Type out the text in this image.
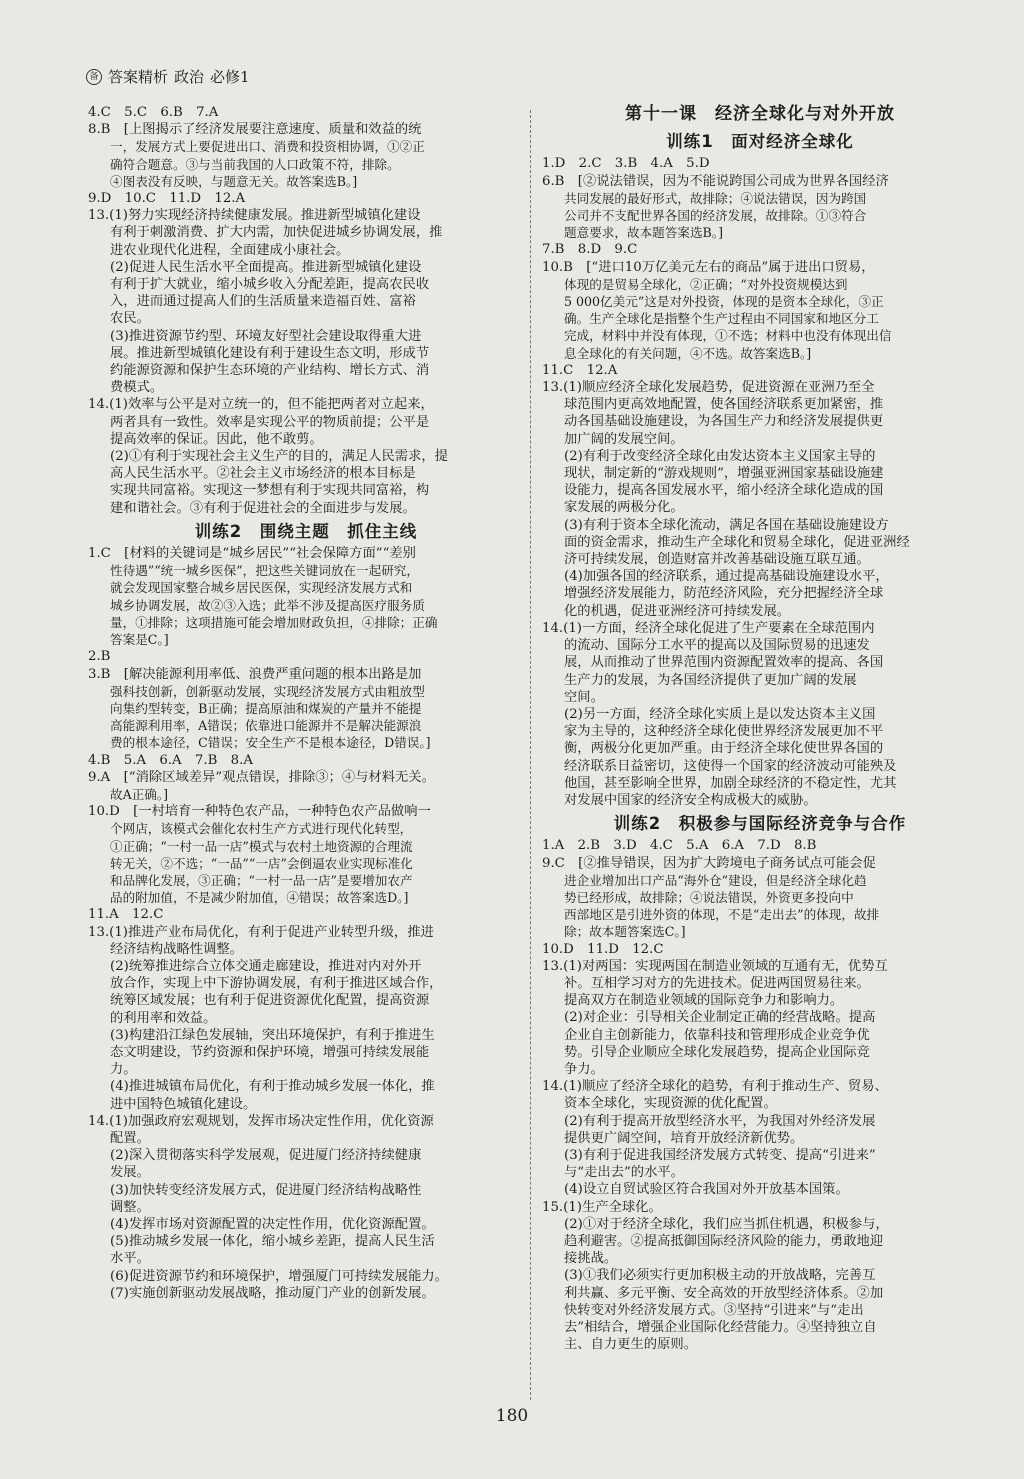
备 答案精析 政治 必修1

4.C　5.C　6.B　7.A

8.B　[上图揭示了经济发展要注意速度、质量和效益的统

一，发展方式上要促进出口、消费和投资相协调，①②正

确符合题意。③与当前我国的人口政策不符，排除。

④图表没有反映，与题意无关。故答案选B。]

9.D　10.C　11.D　12.A

13.(1)努力实现经济持续健康发展。推进新型城镇化建设

有利于刺激消费、扩大内需，加快促进城乡协调发展，推

进农业现代化进程，全面建成小康社会。

(2)促进人民生活水平全面提高。推进新型城镇化建设

有利于扩大就业，缩小城乡收入分配差距，提高农民收

入，进而通过提高人们的生活质量来造福百姓、富裕

农民。

(3)推进资源节约型、环境友好型社会建设取得重大进

展。推进新型城镇化建设有利于建设生态文明，形成节

约能源资源和保护生态环境的产业结构、增长方式、消

费模式。

14.(1)效率与公平是对立统一的，但不能把两者对立起来，

两者具有一致性。效率是实现公平的物质前提；公平是

提高效率的保证。因此，他不敢剪。

(2)①有利于实现社会主义生产的目的，满足人民需求，提

高人民生活水平。②社会主义市场经济的根本目标是

实现共同富裕。实现这一梦想有利于实现共同富裕，构

建和谐社会。③有利于促进社会的全面进步与发展。

训练2　围绕主题　抓住主线

1.C　[材料的关键词是“城乡居民”“社会保障方面”“差别

性待遇”“统一城乡医保”，把这些关键词放在一起研究，

就会发现国家整合城乡居民医保，实现经济发展方式和

城乡协调发展，故②③入选；此举不涉及提高医疗服务质

量，①排除；这项措施可能会增加财政负担，④排除；正确

答案是C。]

2.B

3.B　[解决能源利用率低、浪费严重问题的根本出路是加

强科技创新，创新驱动发展，实现经济发展方式由粗放型

向集约型转变，B正确；提高原油和煤炭的产量并不能提

高能源利用率，A错误；依靠进口能源并不是解决能源浪

费的根本途径，C错误；安全生产不是根本途径，D错误。]

4.B　5.A　6.A　7.B　8.A

9.A　[“消除区域差异”观点错误，排除③；④与材料无关。

故A正确。]

10.D　[一村培育一种特色农产品，一种特色农产品做响一

个网店，该模式会催化农村生产方式进行现代化转型，

①正确；“一村一品一店”模式与农村土地资源的合理流

转无关，②不选；“一品”“一店”会倒逼农业实现标准化

和品牌化发展，③正确；“一村一品一店”是要增加农产

品的附加值，不是减少附加值，④错误；故答案选D。]

11.A　12.C

13.(1)推进产业布局优化，有利于促进产业转型升级，推进

经济结构战略性调整。

(2)统筹推进综合立体交通走廊建设，推进对内对外开

放合作，实现上中下游协调发展，有利于推进区域合作，

统筹区域发展；也有利于促进资源优化配置，提高资源

的利用率和效益。

(3)构建沿江绿色发展轴，突出环境保护，有利于推进生

态文明建设，节约资源和保护环境，增强可持续发展能

力。

(4)推进城镇布局优化，有利于推动城乡发展一体化，推

进中国特色城镇化建设。

14.(1)加强政府宏观规划，发挥市场决定性作用，优化资源

配置。

(2)深入贯彻落实科学发展观，促进厦门经济持续健康

发展。

(3)加快转变经济发展方式，促进厦门经济结构战略性

调整。

(4)发挥市场对资源配置的决定性作用，优化资源配置。

(5)推动城乡发展一体化，缩小城乡差距，提高人民生活

水平。

(6)促进资源节约和环境保护，增强厦门可持续发展能力。

(7)实施创新驱动发展战略，推动厦门产业的创新发展。

第十一课　经济全球化与对外开放
训练1　面对经济全球化

1.D　2.C　3.B　4.A　5.D

6.B　[②说法错误，因为不能说跨国公司成为世界各国经济

共同发展的最好形式，故排除；④说法错误，因为跨国

公司并不支配世界各国的经济发展，故排除。①③符合

题意要求，故本题答案选B。]

7.B　8.D　9.C

10.B　[“进口10万亿美元左右的商品”属于进出口贸易，

体现的是贸易全球化，②正确；“对外投资规模达到

5 000亿美元”这是对外投资，体现的是资本全球化，③正

确。生产全球化是指整个生产过程由不同国家和地区分工

完成，材料中并没有体现，①不选；材料中也没有体现出信

息全球化的有关问题，④不选。故答案选B。]

11.C　12.A

13.(1)顺应经济全球化发展趋势，促进资源在亚洲乃至全

球范围内更高效地配置，使各国经济联系更加紧密，推

动各国基础设施建设，为各国生产力和经济发展提供更

加广阔的发展空间。

(2)有利于改变经济全球化由发达资本主义国家主导的

现状，制定新的“游戏规则”，增强亚洲国家基础设施建

设能力，提高各国发展水平，缩小经济全球化造成的国

家发展的两极分化。

(3)有利于资本全球化流动，满足各国在基础设施建设方

面的资金需求，推动生产全球化和贸易全球化，促进亚洲经

济可持续发展，创造财富并改善基础设施互联互通。

(4)加强各国的经济联系，通过提高基础设施建设水平，

增强经济发展能力，防范经济风险，充分把握经济全球

化的机遇，促进亚洲经济可持续发展。

14.(1)一方面，经济全球化促进了生产要素在全球范围内

的流动、国际分工水平的提高以及国际贸易的迅速发

展，从而推动了世界范围内资源配置效率的提高、各国

生产力的发展，为各国经济提供了更加广阔的发展

空间。

(2)另一方面，经济全球化实质上是以发达资本主义国

家为主导的，这种经济全球化使世界经济发展更加不平

衡，两极分化更加严重。由于经济全球化使世界各国的

经济联系日益密切，这使得一个国家的经济波动可能殃及

他国，甚至影响全世界，加剧全球经济的不稳定性，尤其

对发展中国家的经济安全构成极大的威胁。

训练2　积极参与国际经济竞争与合作

1.A　2.B　3.D　4.C　5.A　6.A　7.D　8.B

9.C　[②推导错误，因为扩大跨境电子商务试点可能会促

进企业增加出口产品“海外仓”建设，但是经济全球化趋

势已经形成，故排除；④说法错误，外资更多投向中

西部地区是引进外资的体现，不是“走出去”的体现，故排

除；故本题答案选C。]

10.D　11.D　12.C

13.(1)对两国：实现两国在制造业领域的互通有无，优势互

补。互相学习对方的先进技术。促进两国贸易往来。

提高双方在制造业领域的国际竞争力和影响力。

(2)对企业：引导相关企业制定正确的经营战略。提高

企业自主创新能力，依靠科技和管理形成企业竞争优

势。引导企业顺应全球化发展趋势，提高企业国际竞

争力。

14.(1)顺应了经济全球化的趋势，有利于推动生产、贸易、

资本全球化，实现资源的优化配置。

(2)有利于提高开放型经济水平，为我国对外经济发展

提供更广阔空间，培育开放经济新优势。

(3)有利于促进我国经济发展方式转变、提高“引进来”

与“走出去”的水平。

(4)设立自贸试验区符合我国对外开放基本国策。

15.(1)生产全球化。

(2)①对于经济全球化，我们应当抓住机遇，积极参与，

趋利避害。②提高抵御国际经济风险的能力，勇敢地迎

接挑战。

(3)①我们必须实行更加积极主动的开放战略，完善互

利共赢、多元平衡、安全高效的开放型经济体系。②加

快转变对外经济发展方式。③坚持“引进来”与“走出

去”相结合，增强企业国际化经营能力。④坚持独立自

主、自力更生的原则。

180
